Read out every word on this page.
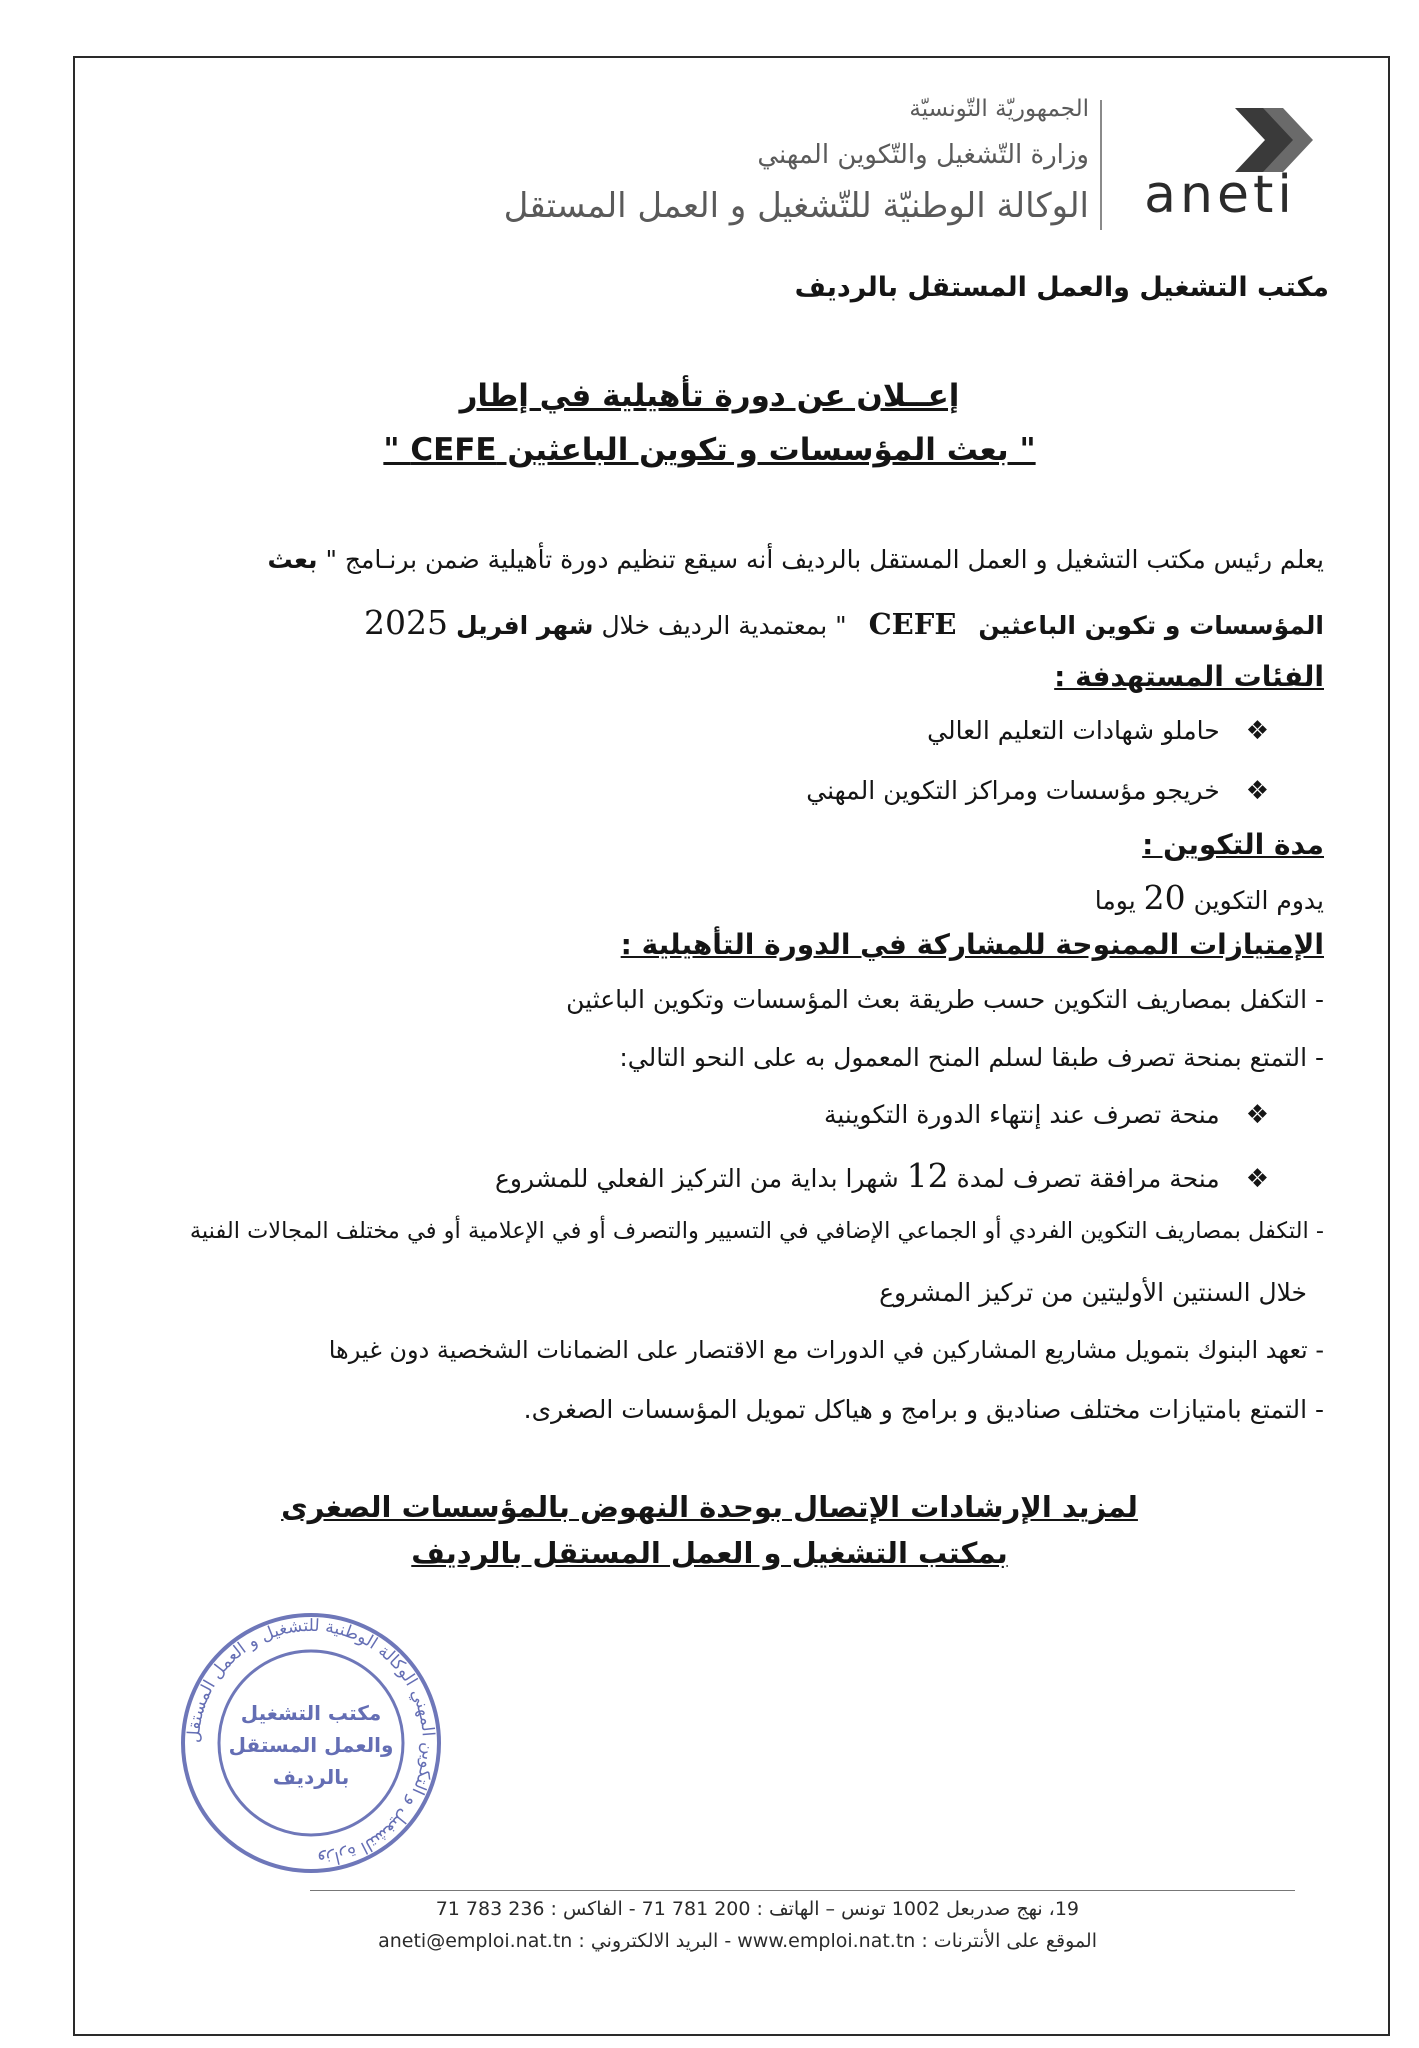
aneti
الجمهوريّة التّونسيّة
وزارة التّشغيل والتّكوين المهني
الوكالة الوطنيّة للتّشغيل و العمل المستقل
مكتب التشغيل والعمل المستقل بالرديف
إعــلان عن دورة تأهيلية في إطار
" بعث المؤسسات و تكوين الباعثين CEFE "
يعلم رئيس مكتب التشغيل و العمل المستقل بالرديف أنه سيقع تنظيم دورة تأهيلية ضمن برنـامج " بعث
المؤسسات و تكوين الباعثين CEFE " بمعتمدية الرديف خلال شهر افريل 2025
الفئات المستهدفة :
❖حاملو شهادات التعليم العالي
❖خريجو مؤسسات ومراكز التكوين المهني
مدة التكوين :
يدوم التكوين 20 يوما
الإمتيازات الممنوحة للمشاركة في الدورة التأهيلية :
- التكفل بمصاريف التكوين حسب طريقة بعث المؤسسات وتكوين الباعثين
- التمتع بمنحة تصرف طبقا لسلم المنح المعمول به على النحو التالي:
❖منحة تصرف عند إنتهاء الدورة التكوينية
❖منحة مرافقة تصرف لمدة 12 شهرا بداية من التركيز الفعلي للمشروع
- التكفل بمصاريف التكوين الفردي أو الجماعي الإضافي في التسيير والتصرف أو في الإعلامية أو في مختلف المجالات الفنية
خلال السنتين الأوليتين من تركيز المشروع
- تعهد البنوك بتمويل مشاريع المشاركين في الدورات مع الاقتصار على الضمانات الشخصية دون غيرها
- التمتع بامتيازات مختلف صناديق و برامج و هياكل تمويل المؤسسات الصغرى.
لمزيد الإرشادات الإتصال بوحدة النهوض بالمؤسسات الصغرى
بمكتب التشغيل و العمل المستقل بالرديف
وزارة التشغيل و التكوين المهني الوكالة الوطنية للتشغيل و العمل المستقل
مكتب التشغيل
والعمل المستقل
بالرديف
19، نهج صدربعل 1002 تونس – الهاتف : 200 781 71 - الفاكس : 236 783 71
الموقع على الأنترنات : www.emploi.nat.tn - البريد الالكتروني : aneti@emploi.nat.tn
